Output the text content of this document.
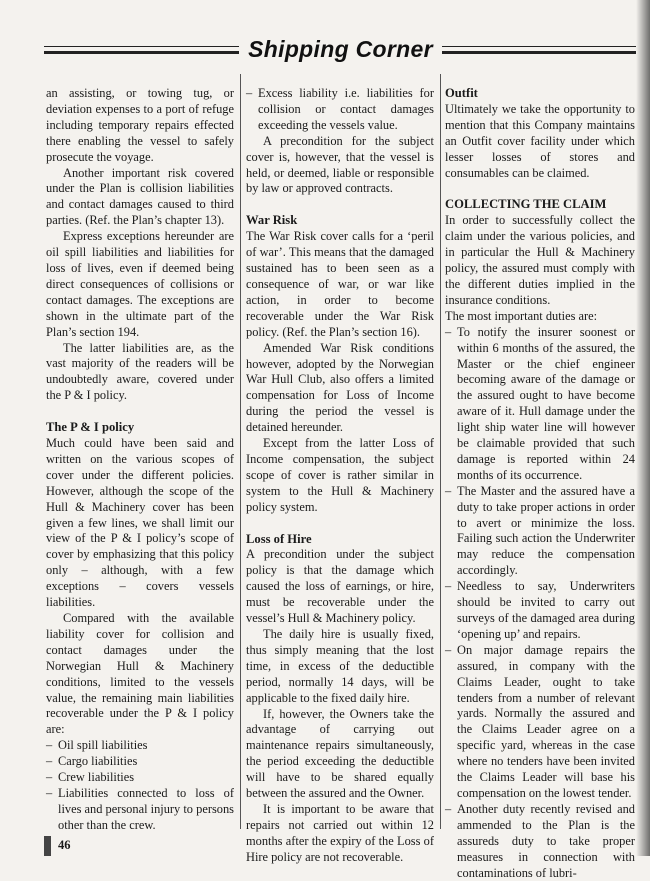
Shipping Corner

an assisting, or towing tug, or deviation expenses to a port of refuge including temporary repairs effected there enabling the vessel to safely prosecute the voyage.

Another important risk covered under the Plan is collision liabilities and contact damages caused to third parties. (Ref. the Plan’s chapter 13).

Express exceptions hereunder are oil spill liabilities and liabilities for loss of lives, even if deemed being direct consequences of collisions or contact damages. The exceptions are shown in the ultimate part of the Plan’s section 194.

The latter liabilities are, as the vast majority of the readers will be undoubtedly aware, covered under the P & I policy.

The P & I policy

Much could have been said and written on the various scopes of cover under the different policies. However, although the scope of the Hull & Machinery cover has been given a few lines, we shall limit our view of the P & I policy’s scope of cover by emphasizing that this policy only – although, with a few exceptions – covers vessels liabilities.

Compared with the available liability cover for collision and contact damages under the Norwegian Hull & Machinery conditions, limited to the vessels value, the remaining main liabilities recoverable under the P & I policy are:

– Oil spill liabilities
– Cargo liabilities
– Crew liabilities
– Liabilities connected to loss of lives and personal injury to persons other than the crew.
– Excess liability i.e. liabilities for collision or contact damages exceeding the vessels value.

A precondition for the subject cover is, however, that the vessel is held, or deemed, liable or responsible by law or approved contracts.

War Risk

The War Risk cover calls for a ‘peril of war’. This means that the damaged sustained has to been seen as a consequence of war, or war like action, in order to become recoverable under the War Risk policy. (Ref. the Plan’s section 16).

Amended War Risk conditions however, adopted by the Norwegian War Hull Club, also offers a limited compensation for Loss of Income during the period the vessel is detained hereunder.

Except from the latter Loss of Income compensation, the subject scope of cover is rather similar in system to the Hull & Machinery policy system.

Loss of Hire

A precondition under the subject policy is that the damage which caused the loss of earnings, or hire, must be recoverable under the vessel’s Hull & Machinery policy.

The daily hire is usually fixed, thus simply meaning that the lost time, in excess of the deductible period, normally 14 days, will be applicable to the fixed daily hire.

If, however, the Owners take the advantage of carrying out maintenance repairs simultaneously, the period exceeding the deductible will have to be shared equally between the assured and the Owner.

It is important to be aware that repairs not carried out within 12 months after the expiry of the Loss of Hire policy are not recoverable.

Outfit

Ultimately we take the opportunity to mention that this Company maintains an Outfit cover facility under which lesser losses of stores and consumables can be claimed.

COLLECTING THE CLAIM

In order to successfully collect the claim under the various policies, and in particular the Hull & Machinery policy, the assured must comply with the different duties implied in the insurance conditions.

The most important duties are:

– To notify the insurer soonest or within 6 months of the assured, the Master or the chief engineer becoming aware of the damage or the assured ought to have become aware of it. Hull damage under the light ship water line will however be claimable provided that such damage is reported within 24 months of its occurrence.
– The Master and the assured have a duty to take proper actions in order to avert or minimize the loss. Failing such action the Underwriter may reduce the compensation accordingly.
– Needless to say, Underwriters should be invited to carry out surveys of the damaged area during ‘opening up’ and repairs.
– On major damage repairs the assured, in company with the Claims Leader, ought to take tenders from a number of relevant yards. Normally the assured and the Claims Leader agree on a specific yard, whereas in the case where no tenders have been invited the Claims Leader will base his compensation on the lowest tender.
– Another duty recently revised and ammended to the Plan is the assureds duty to take proper measures in connection with contaminations of lubri-
46
